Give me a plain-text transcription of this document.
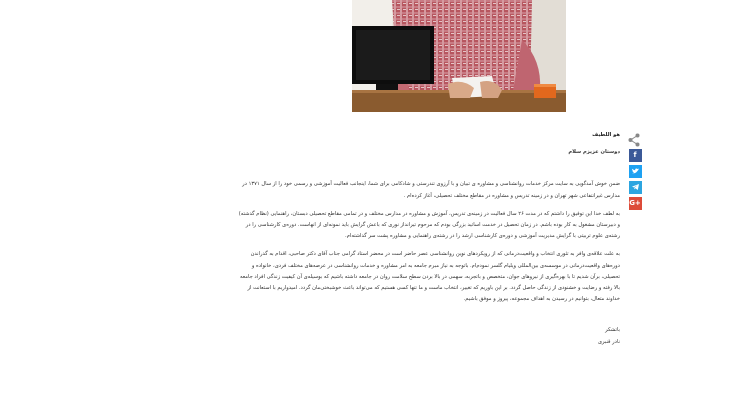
f
G+

هو اللطیف

دوستان عزیزم سلام

ضمن خوش آمدگویی به سایت مرکز خدمات روانشناسی و مشاوره ی تبیان و با آرزوی تندرستی و شادکامی برای شما، اینجانب فعالیت آموزشی و رسمی خود را از سال ۱۳۷۱ در مدارس غیرانتفاعی شهر تهران و در زمینه تدریس و مشاوره در مقاطع مختلف تحصیلی، آغاز کرده‌ام .

به لطف خدا این توفیق را داشتم که در مدت ۲۶ سال فعالیت در زمینه‌ی تدریس، آموزش و مشاوره در مدارس مختلف و در تمامی مقاطع تحصیلی دبستان، راهنمایی (نظام گذشته) و دبیرستان مشغول به کار بوده باشم. در زمان تحصیل در خدمت اساتید بزرگی بودم که مرحوم تیرانداز نوری که باعش گرایش باید نمونه‌ای از انهاست. دوره‌ی کارشناسی را در رشته‌ی علوم تربیتی با گرایش مدیریت آموزشی و دوره‌ی کارشناسی ارشد را در رشته‌ی راهنمایی و مشاوره پشت سر گذاشته‌ام.

به علت علاقه‌ی وافر به تئوری انتخاب و واقعیت‌درمانی که از رویکردهای نوین روانشناسی عصر حاضر است در محضر استاد گرامی جناب آقای دکتر صاحبی، اقدام به گذراندن دوره‌های واقعیت‌درمانی در موسسه‌ی بین‌المللی ویلیام گلسر نمودم‌ام. باتوجه به نیاز مبرم جامعه به امر مشاوره و خدمات روانشناسی در عرصه‌های مختلف فردی، خانواده و تحصیلی، برآن شدیم تا با بهره‌گیری از نیروهای جوان، متخصص و باتجربه، سهمی در بالا بردن سطح سلامت روان در جامعه داشته باشیم که بوسیله‌ی آن کیفیت زندگی افراد جامعه بالا رفته و رضایت و خشنودی از زندگی حاصل گردد. بر این باوریم که تغییر، انتخاب ماست و ما تنها کسی هستیم که می‌تواند باعث خوشبختی‌مان گردد. امیدواریم با استعانت از خداوند متعال، بتوانیم در رسیدن به اهداف مجموعه، پیروز و موفق باشیم.

باتشکر

نادر قنبری
